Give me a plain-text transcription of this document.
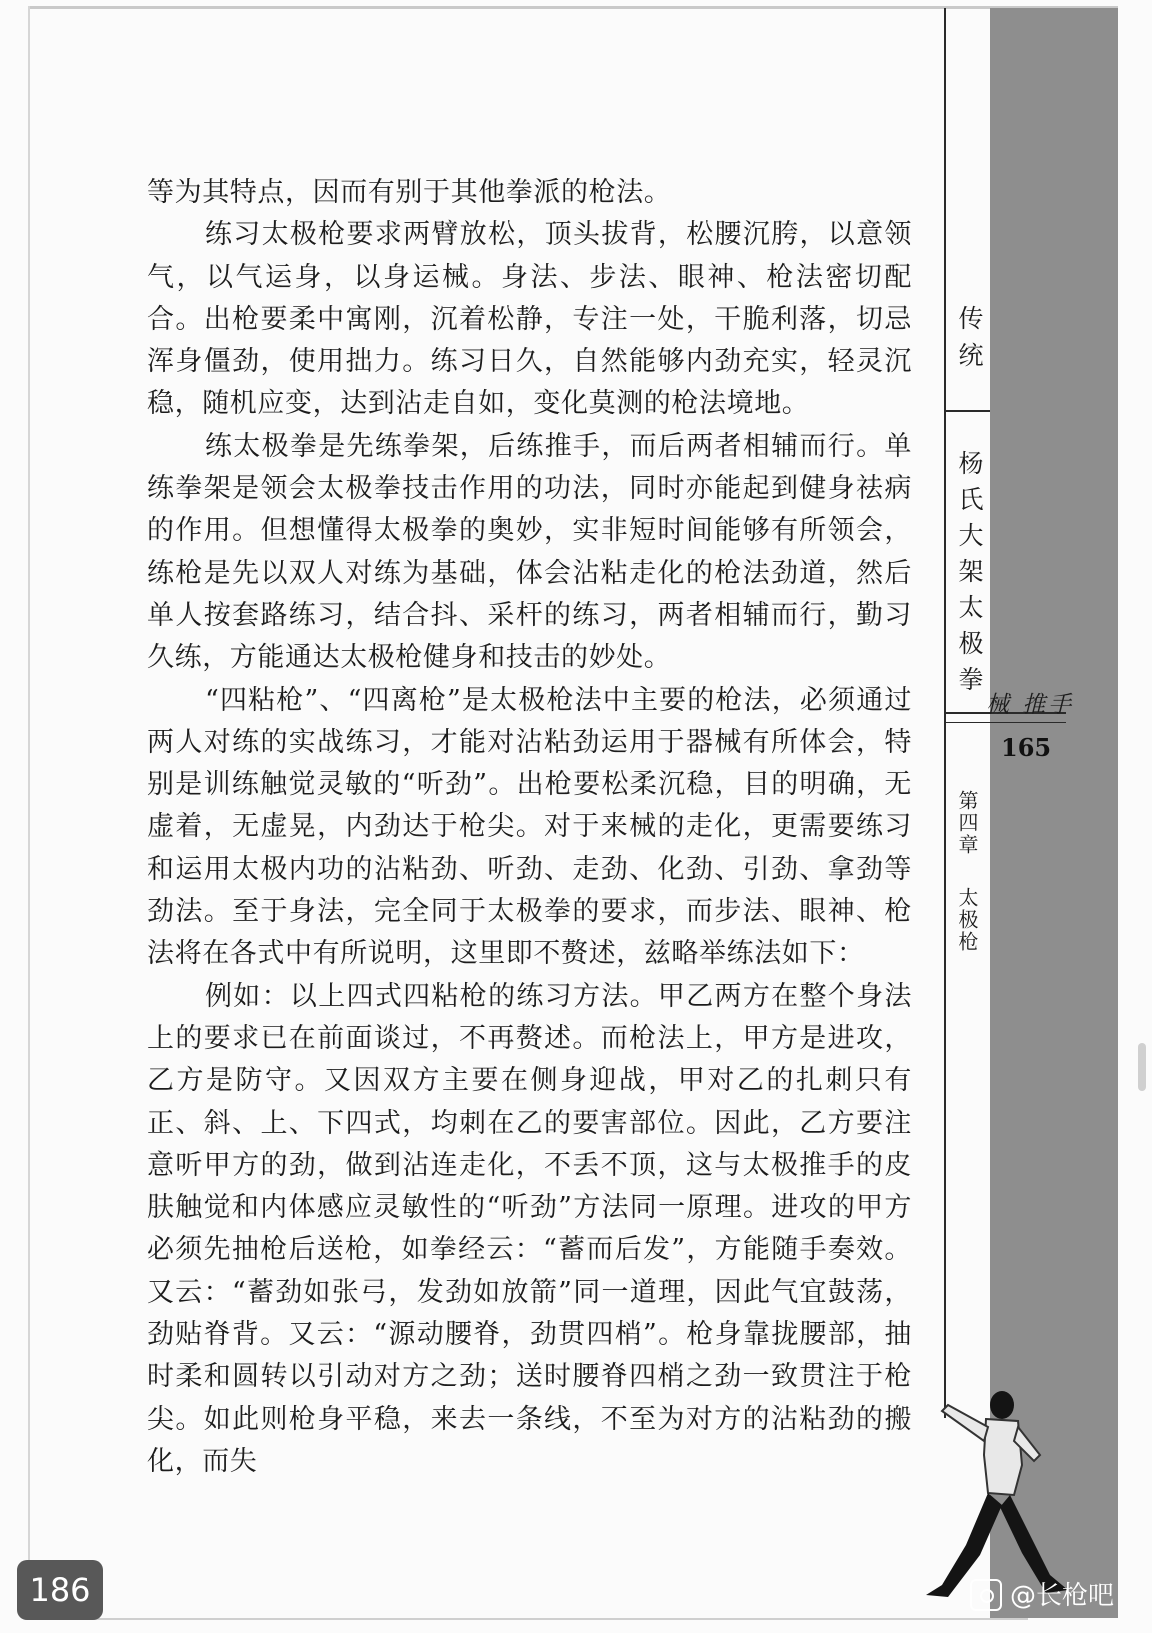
等为其特点，因而有别于其他拳派的枪法。

练习太极枪要求两臂放松，顶头拔背，松腰沉胯，以意领气，以气运身，以身运械。身法、步法、眼神、枪法密切配合。出枪要柔中寓刚，沉着松静，专注一处，干脆利落，切忌浑身僵劲，使用拙力。练习日久，自然能够内劲充实，轻灵沉稳，随机应变，达到沾走自如，变化莫测的枪法境地。

练太极拳是先练拳架，后练推手，而后两者相辅而行。单练拳架是领会太极拳技击作用的功法，同时亦能起到健身祛病的作用。但想懂得太极拳的奥妙，实非短时间能够有所领会，练枪是先以双人对练为基础，体会沾粘走化的枪法劲道，然后单人按套路练习，结合抖、采杆的练习，两者相辅而行，勤习久练，方能通达太极枪健身和技击的妙处。

“四粘枪”、“四离枪”是太极枪法中主要的枪法，必须通过两人对练的实战练习，才能对沾粘劲运用于器械有所体会，特别是训练触觉灵敏的“听劲”。出枪要松柔沉稳，目的明确，无虚着，无虚晃，内劲达于枪尖。对于来械的走化，更需要练习和运用太极内功的沾粘劲、听劲、走劲、化劲、引劲、拿劲等劲法。至于身法，完全同于太极拳的要求，而步法、眼神、枪法将在各式中有所说明，这里即不赘述，兹略举练法如下：

例如：以上四式四粘枪的练习方法。甲乙两方在整个身法上的要求已在前面谈过，不再赘述。而枪法上，甲方是进攻，乙方是防守。又因双方主要在侧身迎战，甲对乙的扎刺只有正、斜、上、下四式，均刺在乙的要害部位。因此，乙方要注意听甲方的劲，做到沾连走化，不丢不顶，这与太极推手的皮肤触觉和内体感应灵敏性的“听劲”方法同一原理。进攻的甲方必须先抽枪后送枪，如拳经云：“蓄而后发”，方能随手奏效。又云：“蓄劲如张弓，发劲如放箭”同一道理，因此气宜鼓荡，劲贴脊背。又云：“源动腰脊，劲贯四梢”。枪身靠拢腰部，抽时柔和圆转以引动对方之劲；送时腰脊四梢之劲一致贯注于枪尖。如此则枪身平稳，来去一条线，不至为对方的沾粘劲的搬化，而失

传统
杨氏大架太极拳
械 推手
165
第四章
太极枪
186	@长枪吧
